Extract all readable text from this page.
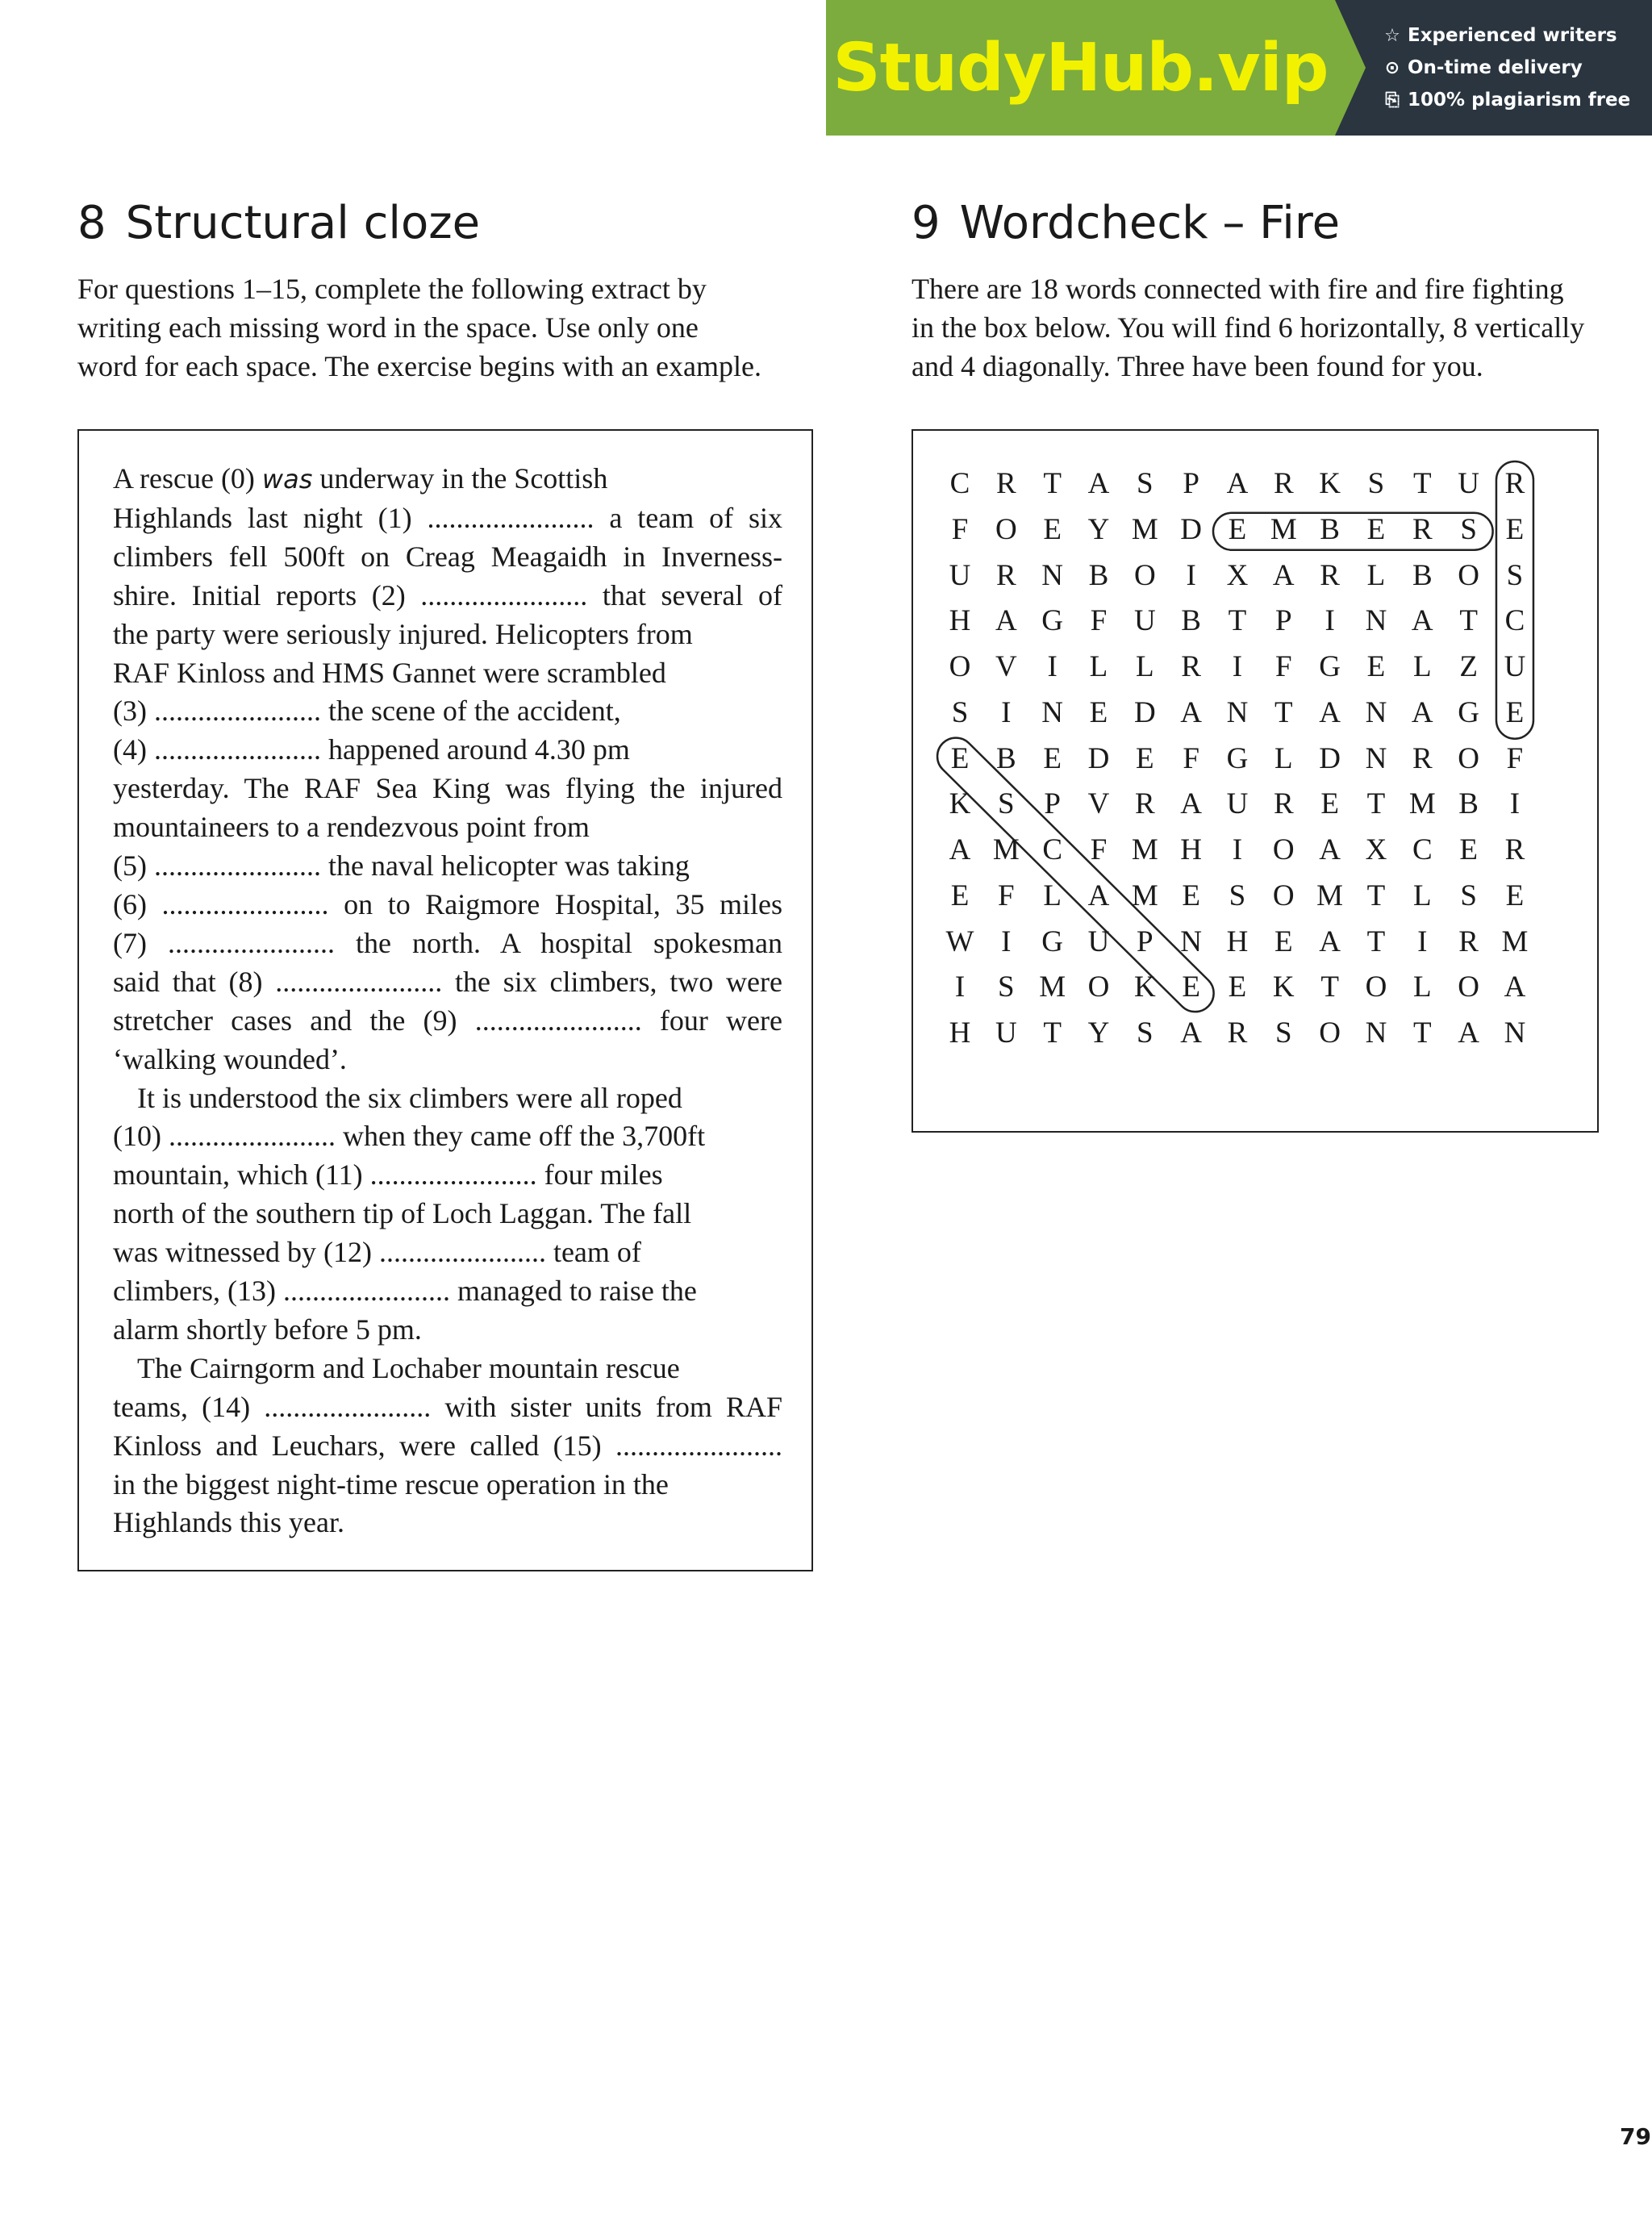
StudyHub.vip	☆ Experienced writers
⊙ On-time delivery
⎘ 100% plagiarism free
8 Structural cloze

For questions 1–15, complete the following extract by
writing each missing word in the space. Use only one
word for each space. The exercise begins with an example.

A rescue (0) was underway in the Scottish
Highlands last night (1) ....................... a team of six
climbers fell 500ft on Creag Meagaidh in Inverness-
shire. Initial reports (2) ....................... that several of
the party were seriously injured. Helicopters from
RAF Kinloss and HMS Gannet were scrambled
(3) ....................... the scene of the accident,
(4) ....................... happened around 4.30 pm
yesterday. The RAF Sea King was flying the injured
mountaineers to a rendezvous point from
(5) ....................... the naval helicopter was taking
(6) ....................... on to Raigmore Hospital, 35 miles
(7) ....................... the north. A hospital spokesman
said that (8) ....................... the six climbers, two were
stretcher cases and the (9) ....................... four were
‘walking wounded’.
It is understood the six climbers were all roped
(10) ....................... when they came off the 3,700ft
mountain, which (11) ....................... four miles
north of the southern tip of Loch Laggan. The fall
was witnessed by (12) ....................... team of
climbers, (13) ....................... managed to raise the
alarm shortly before 5 pm.
The Cairngorm and Lochaber mountain rescue
teams, (14) ....................... with sister units from RAF
Kinloss and Leuchars, were called (15) .......................
in the biggest night-time rescue operation in the
Highlands this year.
9 Wordcheck – Fire

There are 18 words connected with fire and fire fighting
in the box below. You will find 6 horizontally, 8 vertically
and 4 diagonally. Three have been found for you.

C R T A S P A R K S T U R
F O E Y M D E M B E R S E
U R N B O	I	X A R L B O S
H A G F U B T P	I	N A T C
O V	I	L L R	I	F G E L Z U
S	I	N E D A N T A N A G E
E B E D E F G L D N R O F
K S P V R A U R E T M B	I
A M C F M H	I	O A X C E R
E F L A M E S O M T L S E
W I	G U P N H E A T	I	R M
I	S M O K E E K T O L O A
H U T Y S A R S O N T A N
79
